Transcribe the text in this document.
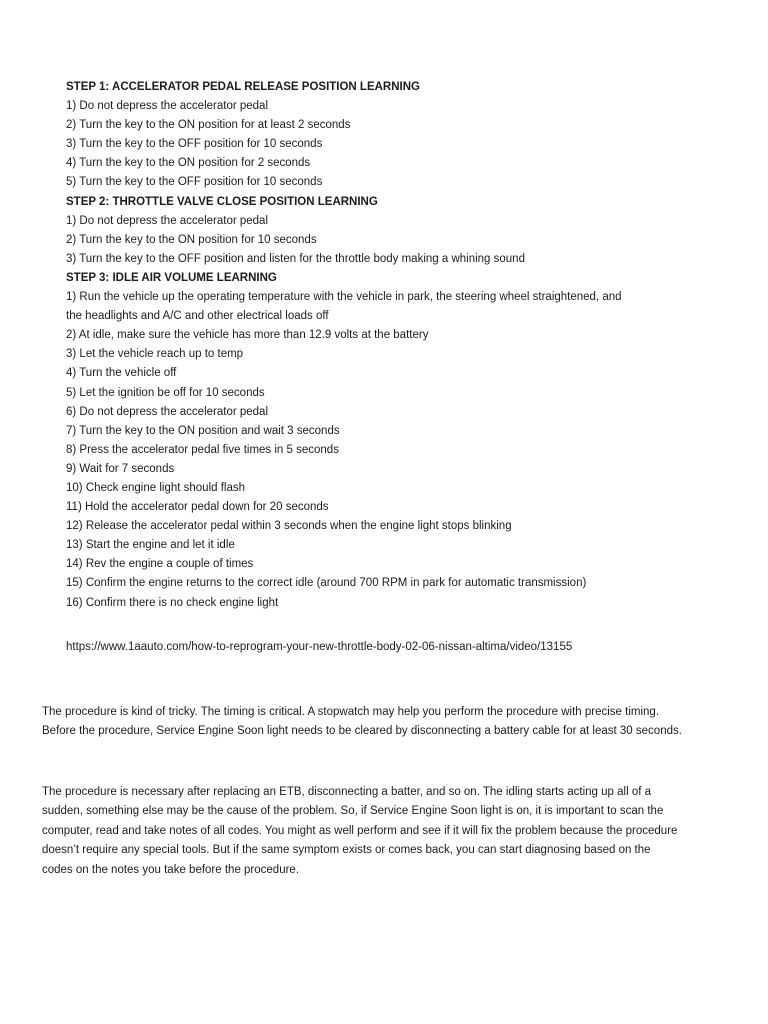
STEP 1: ACCELERATOR PEDAL RELEASE POSITION LEARNING
1) Do not depress the accelerator pedal
2) Turn the key to the ON position for at least 2 seconds
3) Turn the key to the OFF position for 10 seconds
4) Turn the key to the ON position for 2 seconds
5) Turn the key to the OFF position for 10 seconds
STEP 2: THROTTLE VALVE CLOSE POSITION LEARNING
1) Do not depress the accelerator pedal
2) Turn the key to the ON position for 10 seconds
3) Turn the key to the OFF position and listen for the throttle body making a whining sound
STEP 3: IDLE AIR VOLUME LEARNING
1) Run the vehicle up the operating temperature with the vehicle in park, the steering wheel straightened, and the headlights and A/C and other electrical loads off
2) At idle, make sure the vehicle has more than 12.9 volts at the battery
3) Let the vehicle reach up to temp
4) Turn the vehicle off
5) Let the ignition be off for 10 seconds
6) Do not depress the accelerator pedal
7) Turn the key to the ON position and wait 3 seconds
8) Press the accelerator pedal five times in 5 seconds
9) Wait for 7 seconds
10) Check engine light should flash
11) Hold the accelerator pedal down for 20 seconds
12) Release the accelerator pedal within 3 seconds when the engine light stops blinking
13) Start the engine and let it idle
14) Rev the engine a couple of times
15) Confirm the engine returns to the correct idle (around 700 RPM in park for automatic transmission)
16) Confirm there is no check engine light
https://www.1aauto.com/how-to-reprogram-your-new-throttle-body-02-06-nissan-altima/video/13155

The procedure is kind of tricky. The timing is critical. A stopwatch may help you perform the procedure with precise timing. Before the procedure, Service Engine Soon light needs to be cleared by disconnecting a battery cable for at least 30 seconds.

The procedure is necessary after replacing an ETB, disconnecting a batter, and so on. The idling starts acting up all of a sudden, something else may be the cause of the problem. So, if Service Engine Soon light is on, it is important to scan the computer, read and take notes of all codes. You might as well perform and see if it will fix the problem because the procedure doesn’t require any special tools. But if the same symptom exists or comes back, you can start diagnosing based on the codes on the notes you take before the procedure.
